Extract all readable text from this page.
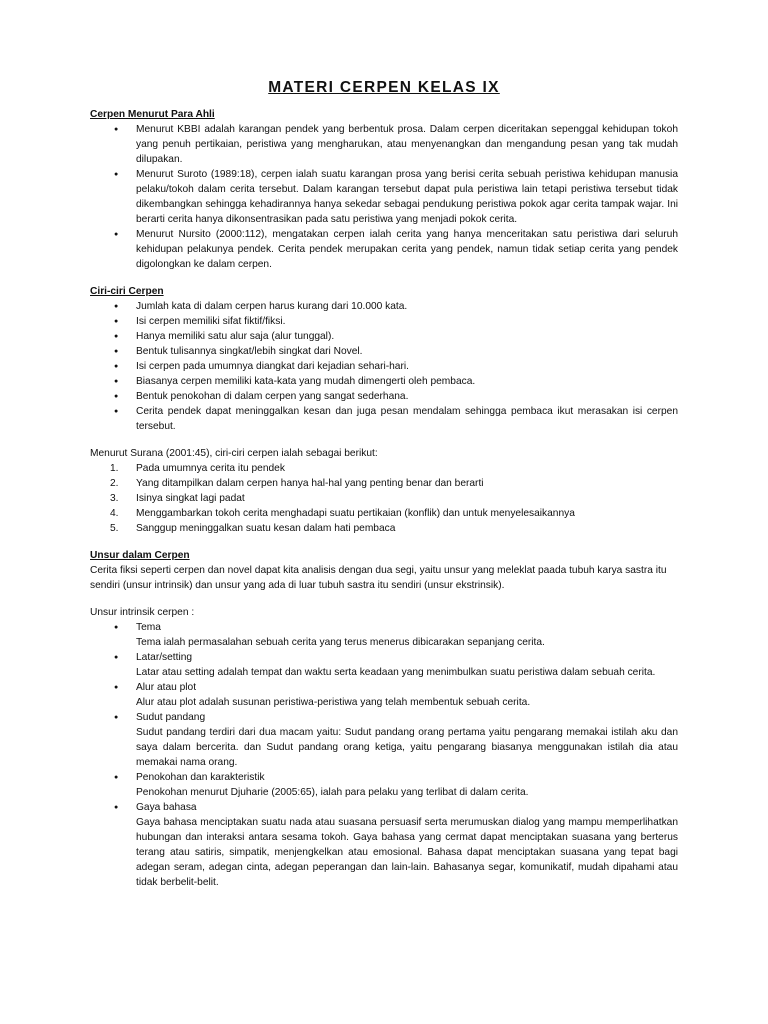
MATERI CERPEN KELAS IX

Cerpen Menurut Para Ahli

● Menurut KBBI adalah karangan pendek yang berbentuk prosa. Dalam cerpen diceritakan sepenggal kehidupan tokoh yang penuh pertikaian, peristiwa yang mengharukan, atau menyenangkan dan mengandung pesan yang tak mudah dilupakan.
● Menurut Suroto (1989:18), cerpen ialah suatu karangan prosa yang berisi cerita sebuah peristiwa kehidupan manusia pelaku/tokoh dalam cerita tersebut. Dalam karangan tersebut dapat pula peristiwa lain tetapi peristiwa tersebut tidak dikembangkan sehingga kehadirannya hanya sekedar sebagai pendukung peristiwa pokok agar cerita tampak wajar. Ini berarti cerita hanya dikonsentrasikan pada satu peristiwa yang menjadi pokok cerita.
● Menurut Nursito (2000:112), mengatakan cerpen ialah cerita yang hanya menceritakan satu peristiwa dari seluruh kehidupan pelakunya pendek. Cerita pendek merupakan cerita yang pendek, namun tidak setiap cerita yang pendek digolongkan ke dalam cerpen.

Ciri-ciri Cerpen

● Jumlah kata di dalam cerpen harus kurang dari 10.000 kata.
● Isi cerpen memiliki sifat fiktif/fiksi.
● Hanya memiliki satu alur saja (alur tunggal).
● Bentuk tulisannya singkat/lebih singkat dari Novel.
● Isi cerpen pada umumnya diangkat dari kejadian sehari-hari.
● Biasanya cerpen memiliki kata-kata yang mudah dimengerti oleh pembaca.
● Bentuk penokohan di dalam cerpen yang sangat sederhana.
● Cerita pendek dapat meninggalkan kesan dan juga pesan mendalam sehingga pembaca ikut merasakan isi cerpen tersebut.

Menurut Surana (2001:45), ciri-ciri cerpen ialah sebagai berikut:

1. Pada umumnya cerita itu pendek
2. Yang ditampilkan dalam cerpen hanya hal-hal yang penting benar dan berarti
3. Isinya singkat lagi padat
4. Menggambarkan tokoh cerita menghadapi suatu pertikaian (konflik) dan untuk menyelesaikannya
5. Sanggup meninggalkan suatu kesan dalam hati pembaca

Unsur dalam Cerpen

Cerita fiksi seperti cerpen dan novel dapat kita analisis dengan dua segi, yaitu unsur yang meleklat paada tubuh karya sastra itu sendiri (unsur intrinsik) dan unsur yang ada di luar tubuh sastra itu sendiri (unsur ekstrinsik).

Unsur intrinsik cerpen :

● Tema
Tema ialah permasalahan sebuah cerita yang terus menerus dibicarakan sepanjang cerita.
● Latar/setting
Latar atau setting adalah tempat dan waktu serta keadaan yang menimbulkan suatu peristiwa dalam sebuah cerita.
● Alur atau plot
Alur atau plot adalah susunan peristiwa-peristiwa yang telah membentuk sebuah cerita.
● Sudut pandang
Sudut pandang terdiri dari dua macam yaitu: Sudut pandang orang pertama yaitu pengarang memakai istilah aku dan saya dalam bercerita. dan Sudut pandang orang ketiga, yaitu pengarang biasanya menggunakan istilah dia atau memakai nama orang.
● Penokohan dan karakteristik
Penokohan menurut Djuharie (2005:65), ialah para pelaku yang terlibat di dalam cerita.
● Gaya bahasa
Gaya bahasa menciptakan suatu nada atau suasana persuasif serta merumuskan dialog yang mampu memperlihatkan hubungan dan interaksi antara sesama tokoh. Gaya bahasa yang cermat dapat menciptakan suasana yang berterus terang atau satiris, simpatik, menjengkelkan atau emosional. Bahasa dapat menciptakan suasana yang tepat bagi adegan seram, adegan cinta, adegan peperangan dan lain-lain. Bahasanya segar, komunikatif, mudah dipahami atau tidak berbelit-belit.
